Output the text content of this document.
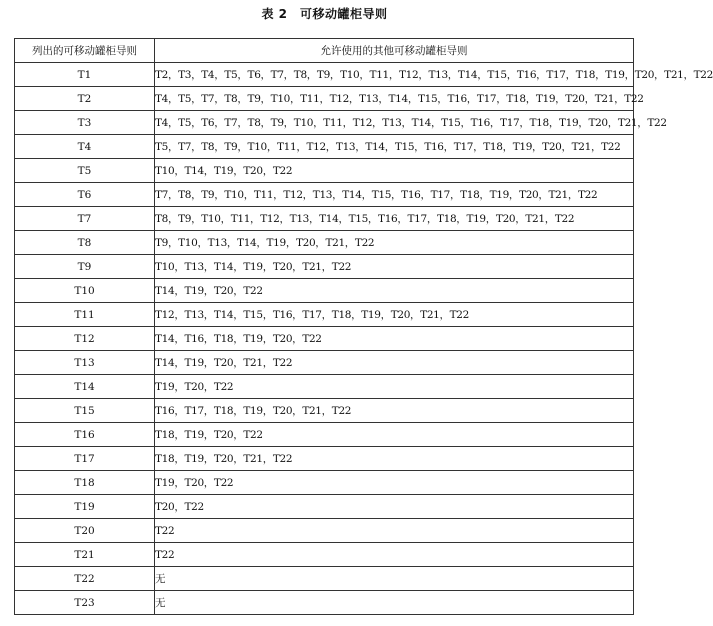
表 2　可移动罐柜导则
列出的可移动罐柜导则	允许使用的其他可移动罐柜导则
T1	T2，T3，T4，T5，T6，T7，T8，T9，T10，T11，T12，T13，T14，T15，T16，T17，T18，T19，T20，T21，T22
T2	T4，T5，T7，T8，T9，T10，T11，T12，T13，T14，T15，T16，T17，T18，T19，T20，T21，T22
T3	T4，T5，T6，T7，T8，T9，T10，T11，T12，T13，T14，T15，T16，T17，T18，T19，T20，T21，T22
T4	T5，T7，T8，T9，T10，T11，T12，T13，T14，T15，T16，T17，T18，T19，T20，T21，T22
T5	T10，T14，T19，T20，T22
T6	T7，T8，T9，T10，T11，T12，T13，T14，T15，T16，T17，T18，T19，T20，T21，T22
T7	T8，T9，T10，T11，T12，T13，T14，T15，T16，T17，T18，T19，T20，T21，T22
T8	T9，T10，T13，T14，T19，T20，T21，T22
T9	T10，T13，T14，T19，T20，T21，T22
T10	T14，T19，T20，T22
T11	T12，T13，T14，T15，T16，T17，T18，T19，T20，T21，T22
T12	T14，T16，T18，T19，T20，T22
T13	T14，T19，T20，T21，T22
T14	T19，T20，T22
T15	T16，T17，T18，T19，T20，T21，T22
T16	T18，T19，T20，T22
T17	T18，T19，T20，T21，T22
T18	T19，T20，T22
T19	T20，T22
T20	T22
T21	T22
T22	无
T23	无
